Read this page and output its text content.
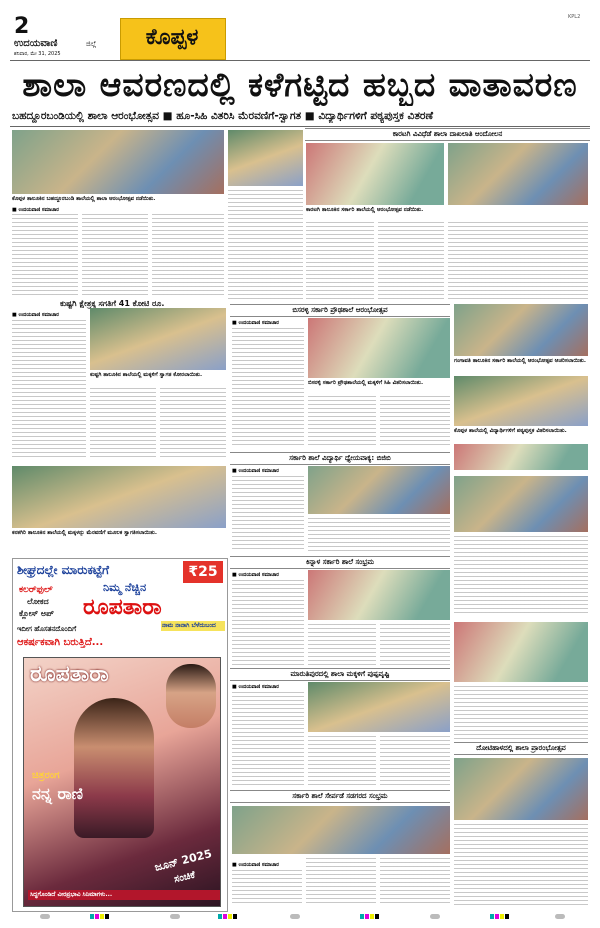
2
ಉದಯವಾಣಿ	ಜಿಲ್ಲೆ
ಶನಿವಾರ, ಮೇ 31, 2025
ಕೊಪ್ಪಳ
KPL2
ಶಾಲಾ ಆವರಣದಲ್ಲಿ ಕಳೆಗಟ್ಟಿದ ಹಬ್ಬದ ವಾತಾವರಣ
ಬಹದ್ದೂರಬಂಡಿಯಲ್ಲಿ ಶಾಲಾ ಆರಂಭೋತ್ಸವ ■ ಹೂ-ಸಿಹಿ ವಿತರಿಸಿ ಮೆರವಣಿಗೆ-ಸ್ವಾಗತ ■ ವಿದ್ಯಾರ್ಥಿಗಳಿಗೆ ಪಠ್ಯಪುಸ್ತಕ ವಿತರಣೆ
ಕೊಪ್ಪಳ ತಾಲೂಕಿನ ಬಹದ್ದೂರಬಂಡಿ ಶಾಲೆಯಲ್ಲಿ ಶಾಲಾ ಆರಂಭೋತ್ಸವ ನಡೆಯಿತು.
■ ಉದಯವಾಣಿ ಸಮಾಚಾರ
ಕಾರಟಗಿ ವಿವಿಧೆಡೆ ಶಾಲಾ ದಾಖಲಾತಿ ಆಂದೋಲನ
ಕಾರಟಗಿ ತಾಲೂಕಿನ ಸರ್ಕಾರಿ ಶಾಲೆಯಲ್ಲಿ ಆರಂಭೋತ್ಸವ ನಡೆಯಿತು.
ಕುಷ್ಟಗಿ ಕ್ಷೇತ್ರಕ್ಕ ಸಗತಿಗೆ 41 ಕೋಟಿ ರೂ.
■ ಉದಯವಾಣಿ ಸಮಾಚಾರ
ಕುಷ್ಟಗಿ ತಾಲೂಕಿನ ಶಾಲೆಯಲ್ಲಿ ಮಕ್ಕಳಿಗೆ ಸ್ವಾಗತ ಕೋರಲಾಯಿತು.
ಬಿಸರಳ್ಳಿ ಸರ್ಕಾರಿ ಪ್ರೌಢಶಾಲೆ ಆರಂಭೋತ್ಸವ
■ ಉದಯವಾಣಿ ಸಮಾಚಾರ
ಬಿಸರಳ್ಳಿ ಸರ್ಕಾರಿ ಪ್ರೌಢಶಾಲೆಯಲ್ಲಿ ಮಕ್ಕಳಿಗೆ ಸಿಹಿ ವಿತರಿಸಲಾಯಿತು.
ಗಂಗಾವತಿ ತಾಲೂಕಿನ ಸರ್ಕಾರಿ ಶಾಲೆಯಲ್ಲಿ ಆರಂಭೋತ್ಸವ ಆಚರಿಸಲಾಯಿತು.
ಕೊಪ್ಪಳ ಶಾಲೆಯಲ್ಲಿ ವಿದ್ಯಾರ್ಥಿಗಳಿಗೆ ಪಠ್ಯಪುಸ್ತಕ ವಿತರಿಸಲಾಯಿತು.
ಕನಕಗಿರಿ ತಾಲೂಕಿನ ಶಾಲೆಯಲ್ಲಿ ಮಕ್ಕಳನ್ನು ಮೆರವಣಿಗೆ ಮೂಲಕ ಸ್ವಾಗತಿಸಲಾಯಿತು.
ಸರ್ಕಾರಿ ಶಾಲೆ ವಿದ್ಯಾರ್ಥಿ ಧ್ಯೇಯವಾಕ್ಯ: ಬಿಜಿಬಿ
■ ಉದಯವಾಣಿ ಸಮಾಚಾರ
ಕಿನ್ನಾಳ ಸರ್ಕಾರಿ ಶಾಲೆ ಸಂಭ್ರಮ
■ ಉದಯವಾಣಿ ಸಮಾಚಾರ
ಮಾರುತಿಪುರದಲ್ಲಿ ಶಾಲಾ ಮಕ್ಕಳಿಗೆ ಪುಷ್ಪವೃಷ್ಟಿ
■ ಉದಯವಾಣಿ ಸಮಾಚಾರ
ದೋಟಿಹಾಳದಲ್ಲಿ ಶಾಲಾ ಪ್ರಾರಂಭೋತ್ಸವ
ಸರ್ಕಾರಿ ಶಾಲೆ ಸೇರ್ಪಡೆ ಸಡಗರದ ಸಂಭ್ರಮ
■ ಉದಯವಾಣಿ ಸಮಾಚಾರ
ಶೀಘ್ರದಲ್ಲೇ ಮಾರುಕಟ್ಟೆಗೆ	₹25
ಕಲರ್‌ಫುಲ್	ನಿಮ್ಮ ನೆಚ್ಚಿನ
ಲೋಕದ
ಕ್ಲೋಸ್ ಅಪ್ ರೂಪತಾರಾ
ಇದೀಗ ಹೊಸತನದೊಂದಿಗೆ
ಆಕರ್ಷಕವಾಗಿ ಬರುತ್ತಿದೆ...
ನಾಮ ನಾನಾಗಿ ಬೆಳೆದುಬಂದ
ರೂಪತಾರಾ
ಚಿತ್ರರಂಗ
ನನ್ನ ರಾಣಿ
ಜೂನ್ 2025
ಸಂಚಿಕೆ
ಸಿದ್ಧಗೊಂಡಿದೆ ವೀರಪ್ರಭಾವಿ ಸಿನಿಮಾಗಳು...
